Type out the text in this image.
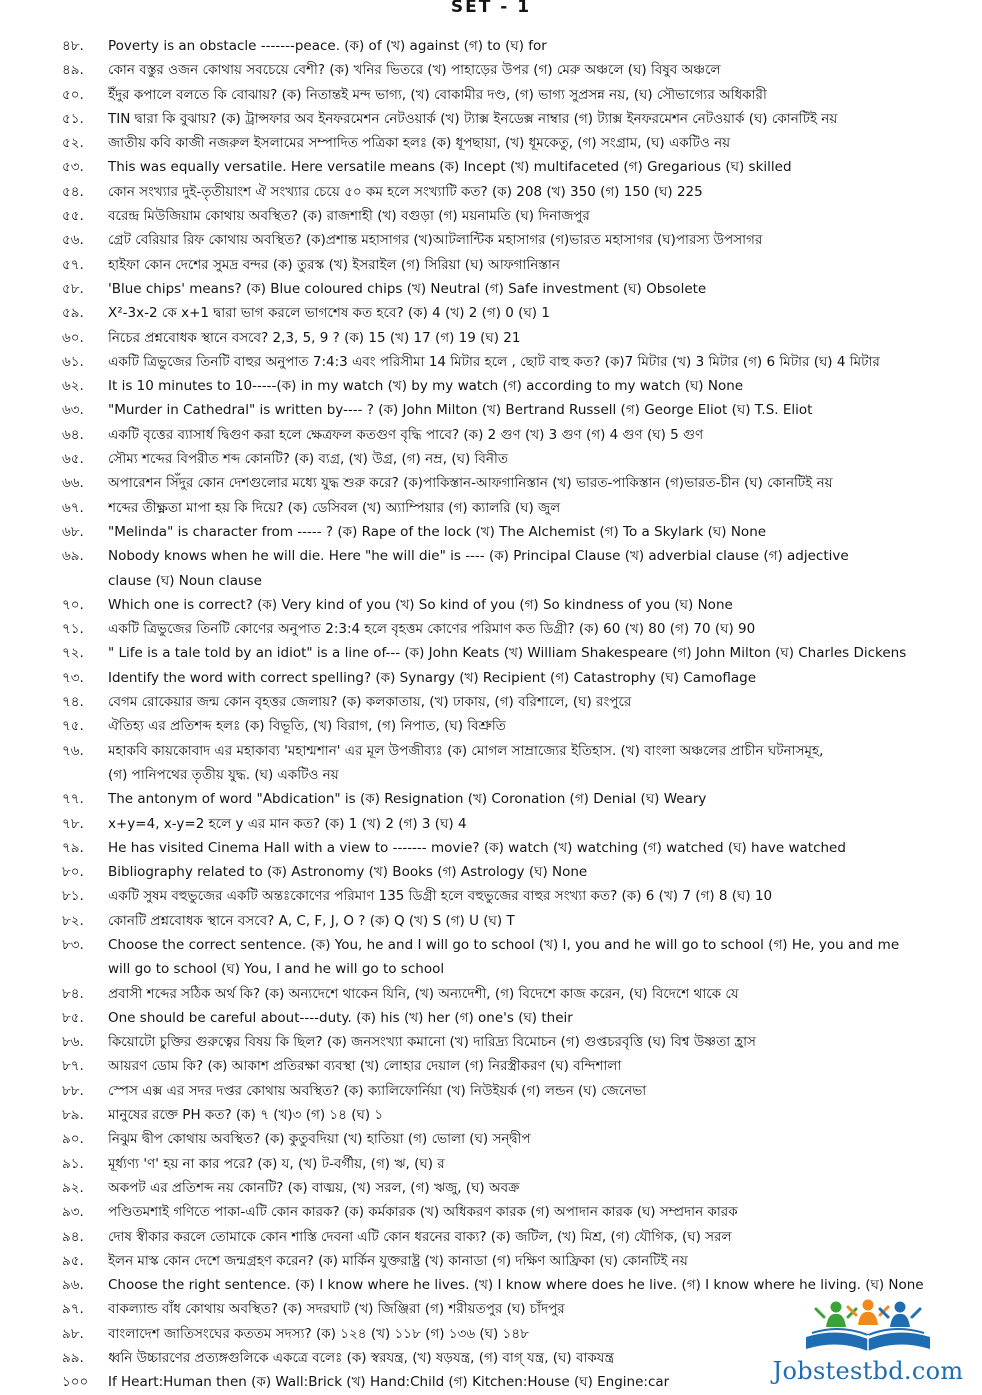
SET - 1
৪৮.	Poverty is an obstacle -------peace. (ক) of (খ) against (গ) to (ঘ) for
৪৯.	কোন বস্তুর ওজন কোথায় সবচেয়ে বেশী? (ক) খনির ভিতরে (খ) পাহাড়ের উপর (গ) মেরু অঞ্চলে (ঘ) বিষুব অঞ্চলে
৫০.	ইঁদুর কপালে বলতে কি বোঝায়? (ক) নিতান্তই মন্দ ভাগ্য, (খ) বোকামীর দণ্ড, (গ) ভাগ্য সুপ্রসন্ন নয়, (ঘ) সৌভাগ্যের অধিকারী
৫১.	TIN দ্বারা কি বুঝায়? (ক) ট্রান্সফার অব ইনফরমেশন নেটওয়ার্ক (খ) ট্যাক্স ইনডেক্স নাম্বার (গ) ট্যাক্স ইনফরমেশন নেটওয়ার্ক (ঘ) কোনটিই নয়
৫২.	জাতীয় কবি কাজী নজরুল ইসলামের সম্পাদিত পত্রিকা হলঃ (ক) ধূপছায়া, (খ) ধূমকেতু, (গ) সংগ্রাম, (ঘ) একটিও নয়
৫৩.	This was equally versatile. Here versatile means (ক) Incept (খ) multifaceted (গ) Gregarious (ঘ) skilled
৫৪.	কোন সংখ্যার দুই-তৃতীয়াংশ ঐ সংখ্যার চেয়ে ৫০ কম হলে সংখ্যাটি কত? (ক) 208 (খ) 350 (গ) 150 (ঘ) 225
৫৫.	বরেন্দ্র মিউজিয়াম কোথায় অবস্থিত? (ক) রাজশাহী (খ) বগুড়া (গ) ময়নামতি (ঘ) দিনাজপুর
৫৬.	গ্রেট বেরিয়ার রিফ কোথায় অবস্থিত? (ক)প্রশান্ত মহাসাগর (খ)আটলান্টিক মহাসাগর (গ)ভারত মহাসাগর (ঘ)পারস্য উপসাগর
৫৭.	হাইফা কোন দেশের সুমদ্র বন্দর (ক) তুরস্ক (খ) ইসরাইল (গ) সিরিয়া (ঘ) আফগানিস্তান
৫৮.	'Blue chips' means? (ক) Blue coloured chips (খ) Neutral (গ) Safe investment (ঘ) Obsolete
৫৯.	X²-3x-2 কে x+1 দ্বারা ভাগ করলে ভাগশেষ কত হবে? (ক) 4 (খ) 2 (গ) 0 (ঘ) 1
৬০.	নিচের প্রশ্নবোধক স্থানে বসবে? 2,3, 5, 9 ? (ক) 15 (খ) 17 (গ) 19 (ঘ) 21
৬১.	একটি ত্রিভুজের তিনটি বাহুর অনুপাত 7:4:3 এবং পরিসীমা 14 মিটার হলে , ছোট বাহু কত? (ক)7 মিটার (খ) 3 মিটার (গ) 6 মিটার (ঘ) 4 মিটার
৬২.	It is 10 minutes to 10-----(ক) in my watch (খ) by my watch (গ) according to my watch (ঘ) None
৬৩.	"Murder in Cathedral" is written by---- ? (ক) John Milton (খ) Bertrand Russell (গ) George Eliot (ঘ) T.S. Eliot
৬৪.	একটি বৃত্তের ব্যাসার্ধ দ্বিগুণ করা হলে ক্ষেত্রফল কতগুণ বৃদ্ধি পাবে? (ক) 2 গুণ (খ) 3 গুণ (গ) 4 গুণ (ঘ) 5 গুণ
৬৫.	সৌম্য শব্দের বিপরীত শব্দ কোনটি? (ক) ব্যগ্র, (খ) উগ্র, (গ) নম্র, (ঘ) বিনীত
৬৬.	অপারেশন সিঁদুর কোন দেশগুলোর মধ্যে যুদ্ধ শুরু করে? (ক)পাকিস্তান-আফগানিস্তান (খ) ভারত-পাকিস্তান (গ)ভারত-চীন (ঘ) কোনটিই নয়
৬৭.	শব্দের তীক্ষ্ণতা মাপা হয় কি দিয়ে? (ক) ডেসিবল (খ) অ্যাম্পিয়ার (গ) ক্যালরি (ঘ) জুল
৬৮.	"Melinda" is character from ----- ? (ক) Rape of the lock (খ) The Alchemist (গ) To a Skylark (ঘ) None
৬৯.	Nobody knows when he will die. Here "he will die" is ---- (ক) Principal Clause (খ) adverbial clause (গ) adjective
clause (ঘ) Noun clause
৭০.	Which one is correct? (ক) Very kind of you (খ) So kind of you (গ) So kindness of you (ঘ) None
৭১.	একটি ত্রিভুজের তিনটি কোণের অনুপাত 2:3:4 হলে বৃহত্তম কোণের পরিমাণ কত ডিগ্রী? (ক) 60 (খ) 80 (গ) 70 (ঘ) 90
৭২.	" Life is a tale told by an idiot" is a line of--- (ক) John Keats (খ) William Shakespeare (গ) John Milton (ঘ) Charles Dickens
৭৩.	Identify the word with correct spelling? (ক) Synargy (খ) Recipient (গ) Catastrophy (ঘ) Camoflage
৭৪.	বেগম রোকেয়ার জন্ম কোন বৃহত্তর জেলায়? (ক) কলকাতায়, (খ) ঢাকায়, (গ) বরিশালে, (ঘ) রংপুরে
৭৫.	ঐতিহ্য এর প্রতিশব্দ হলঃ (ক) বিভূতি, (খ) বিরাগ, (গ) নিপাত, (ঘ) বিশ্রুতি
৭৬.	মহাকবি কায়কোবাদ এর মহাকাব্য 'মহাশ্মশান' এর মূল উপজীব্যঃ (ক) মোগল সাম্রাজ্যের ইতিহাস. (খ) বাংলা অঞ্চলের প্রাচীন ঘটনাসমূহ,
(গ) পানিপথের তৃতীয় যুদ্ধ. (ঘ) একটিও নয়
৭৭.	The antonym of word "Abdication" is (ক) Resignation (খ) Coronation (গ) Denial (ঘ) Weary
৭৮.	x+y=4, x-y=2 হলে y এর মান কত? (ক) 1 (খ) 2 (গ) 3 (ঘ) 4
৭৯.	He has visited Cinema Hall with a view to ------- movie? (ক) watch (খ) watching (গ) watched (ঘ) have watched
৮০.	Bibliography related to (ক) Astronomy (খ) Books (গ) Astrology (ঘ) None
৮১.	একটি সুষম বহুভুজের একটি অন্তঃকোণের পরিমাণ 135 ডিগ্রী হলে বহুভুজের বাহুর সংখ্যা কত? (ক) 6 (খ) 7 (গ) 8 (ঘ) 10
৮২.	কোনটি প্রশ্নবোধক স্থানে বসবে? A, C, F, J, O ? (ক) Q (খ) S (গ) U (ঘ) T
৮৩.	Choose the correct sentence. (ক) You, he and I will go to school (খ) I, you and he will go to school (গ) He, you and me
will go to school (ঘ) You, I and he will go to school
৮৪.	প্রবাসী শব্দের সঠিক অর্থ কি? (ক) অন্যদেশে থাকেন যিনি, (খ) অন্যদেশী, (গ) বিদেশে কাজ করেন, (ঘ) বিদেশে থাকে যে
৮৫.	One should be careful about----duty. (ক) his (খ) her (গ) one's (ঘ) their
৮৬.	কিয়োটো চুক্তির গুরুত্বের বিষয় কি ছিল? (ক) জনসংখ্যা কমানো (খ) দারিদ্র্য বিমোচন (গ) গুপ্তচরবৃত্তি (ঘ) বিশ্ব উষ্ণতা হ্রাস
৮৭.	আয়রণ ডোম কি? (ক) আকাশ প্রতিরক্ষা ব্যবস্থা (খ) লোহার দেয়াল (গ) নিরস্ত্রীকরণ (ঘ) বন্দিশালা
৮৮.	স্পেস এক্স এর সদর দপ্তর কোথায় অবস্থিত? (ক) ক্যালিফোর্নিয়া (খ) নিউইয়র্ক (গ) লন্ডন (ঘ) জেনেভা
৮৯.	মানুষের রক্তে PH কত? (ক) ৭ (খ)৩ (গ) ১৪ (ঘ) ১
৯০.	নিঝুম দ্বীপ কোথায় অবস্থিত? (ক) কুতুবদিয়া (খ) হাতিয়া (গ) ভোলা (ঘ) সন্দ্বীপ
৯১.	মূর্ধ্যণ্য 'ণ' হয় না কার পরে? (ক) য, (খ) ট-বর্গীয়, (গ) ঋ, (ঘ) র
৯২.	অকপট এর প্রতিশব্দ নয় কোনটি? (ক) বাঙ্ময়, (খ) সরল, (গ) ঋজু, (ঘ) অবক্র
৯৩.	পণ্ডিতমশাই গণিতে পাকা-এটি কোন কারক? (ক) কর্মকারক (খ) অধিকরণ কারক (গ) অপাদান কারক (ঘ) সম্প্রদান কারক
৯৪.	দোষ স্বীকার করলে তোমাকে কোন শাস্তি দেবনা এটি কোন ধরনের বাক্য? (ক) জটিল, (খ) মিশ্র, (গ) যৌগিক, (ঘ) সরল
৯৫.	ইলন মাস্ক কোন দেশে জন্মগ্রহণ করেন? (ক) মার্কিন যুক্তরাষ্ট্র (খ) কানাডা (গ) দক্ষিণ আফ্রিকা (ঘ) কোনটিই নয়
৯৬.	Choose the right sentence. (ক) I know where he lives. (খ) I know where does he live. (গ) I know where he living. (ঘ) None
৯৭.	বাকল্যান্ড বাঁধ কোথায় অবস্থিত? (ক) সদরঘাট (খ) জিঞ্জিরা (গ) শরীয়তপুর (ঘ) চাঁদপুর
৯৮.	বাংলাদেশ জাতিসংঘের কততম সদস্য? (ক) ১২৪ (খ) ১১৮ (গ) ১৩৬ (ঘ) ১৪৮
৯৯.	ধ্বনি উচ্চারণের প্রত্যঙ্গগুলিকে একত্রে বলেঃ (ক) স্বরযন্ত্র, (খ) ষড়যন্ত্র, (গ) বাগ্ যন্ত্র, (ঘ) বাকযন্ত্র
১০০	If Heart:Human then (ক) Wall:Brick (খ) Hand:Child (গ) Kitchen:House (ঘ) Engine:car	Jobstestbd.com
